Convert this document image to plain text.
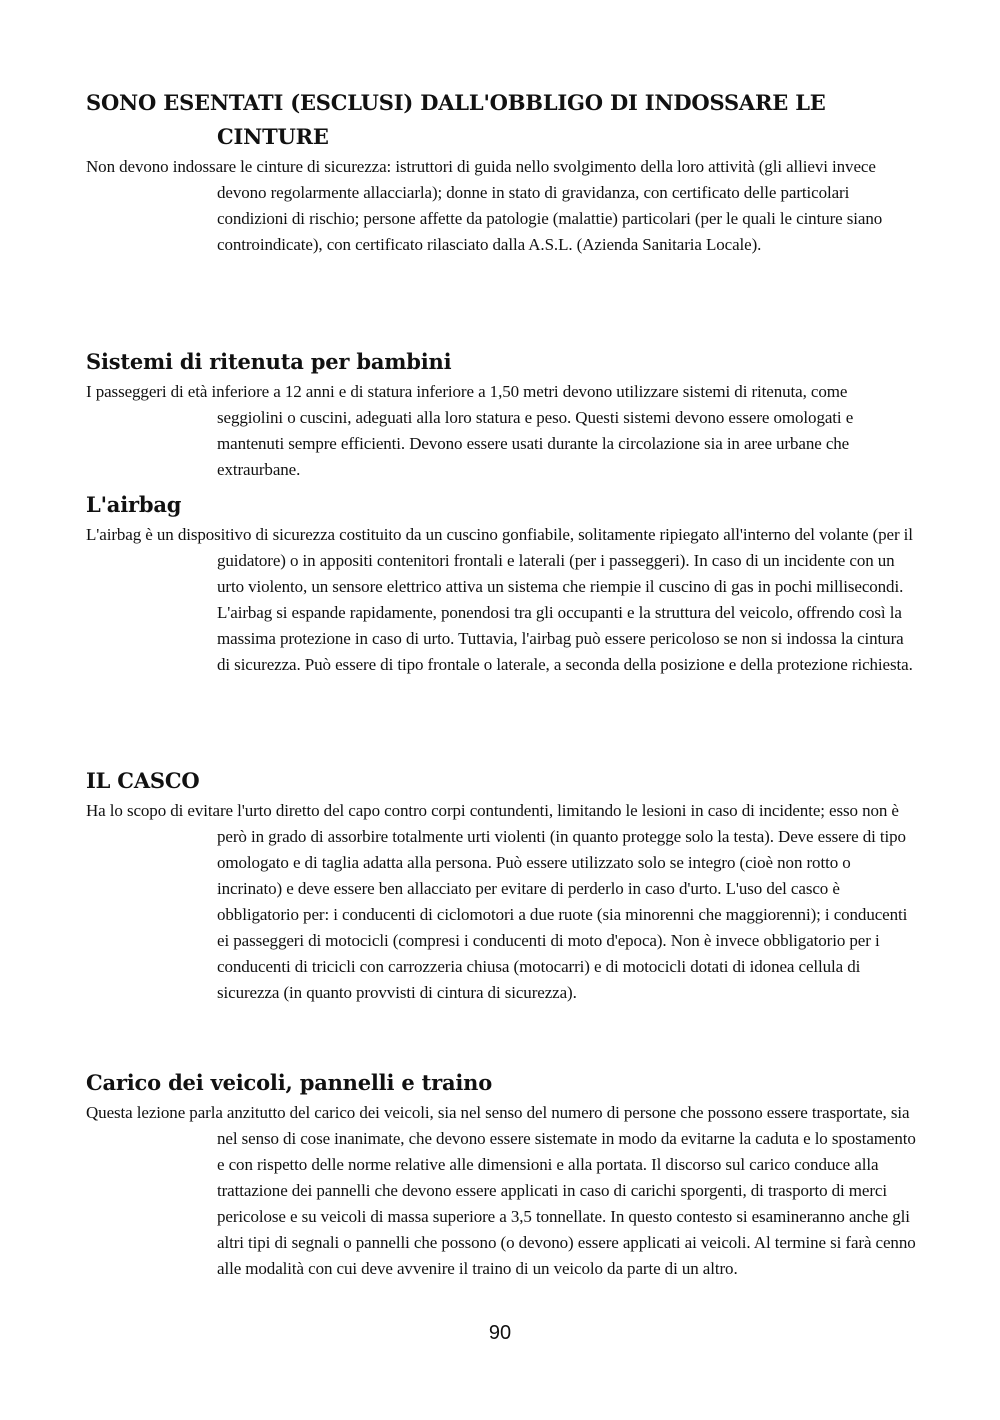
SONO ESENTATI (ESCLUSI) DALL'OBBLIGO DI INDOSSARE LE CINTURE

Non devono indossare le cinture di sicurezza: istruttori di guida nello svolgimento della loro attività (gli allievi invece devono regolarmente allacciarla); donne in stato di gravidanza, con certificato delle particolari condizioni di rischio; persone affette da patologie (malattie) particolari (per le quali le cinture siano controindicate), con certificato rilasciato dalla A.S.L. (Azienda Sanitaria Locale).

Sistemi di ritenuta per bambini

I passeggeri di età inferiore a 12 anni e di statura inferiore a 1,50 metri devono utilizzare sistemi di ritenuta, come seggiolini o cuscini, adeguati alla loro statura e peso. Questi sistemi devono essere omologati e mantenuti sempre efficienti. Devono essere usati durante la circolazione sia in aree urbane che extraurbane.

L'airbag

L'airbag è un dispositivo di sicurezza costituito da un cuscino gonfiabile, solitamente ripiegato all'interno del volante (per il guidatore) o in appositi contenitori frontali e laterali (per i passeggeri). In caso di un incidente con un urto violento, un sensore elettrico attiva un sistema che riempie il cuscino di gas in pochi millisecondi. L'airbag si espande rapidamente, ponendosi tra gli occupanti e la struttura del veicolo, offrendo così la massima protezione in caso di urto. Tuttavia, l'airbag può essere pericoloso se non si indossa la cintura di sicurezza. Può essere di tipo frontale o laterale, a seconda della posizione e della protezione richiesta.

IL CASCO

Ha lo scopo di evitare l'urto diretto del capo contro corpi contundenti, limitando le lesioni in caso di incidente; esso non è però in grado di assorbire totalmente urti violenti (in quanto protegge solo la testa). Deve essere di tipo omologato e di taglia adatta alla persona. Può essere utilizzato solo se integro (cioè non rotto o incrinato) e deve essere ben allacciato per evitare di perderlo in caso d'urto. L'uso del casco è obbligatorio per: i conducenti di ciclomotori a due ruote (sia minorenni che maggiorenni); i conducenti ei passeggeri di motocicli (compresi i conducenti di moto d'epoca). Non è invece obbligatorio per i conducenti di tricicli con carrozzeria chiusa (motocarri) e di motocicli dotati di idonea cellula di sicurezza (in quanto provvisti di cintura di sicurezza).

Carico dei veicoli, pannelli e traino

Questa lezione parla anzitutto del carico dei veicoli, sia nel senso del numero di persone che possono essere trasportate, sia nel senso di cose inanimate, che devono essere sistemate in modo da evitarne la caduta e lo spostamento e con rispetto delle norme relative alle dimensioni e alla portata. Il discorso sul carico conduce alla trattazione dei pannelli che devono essere applicati in caso di carichi sporgenti, di trasporto di merci pericolose e su veicoli di massa superiore a 3,5 tonnellate. In questo contesto si esamineranno anche gli altri tipi di segnali o pannelli che possono (o devono) essere applicati ai veicoli. Al termine si farà cenno alle modalità con cui deve avvenire il traino di un veicolo da parte di un altro.

90
